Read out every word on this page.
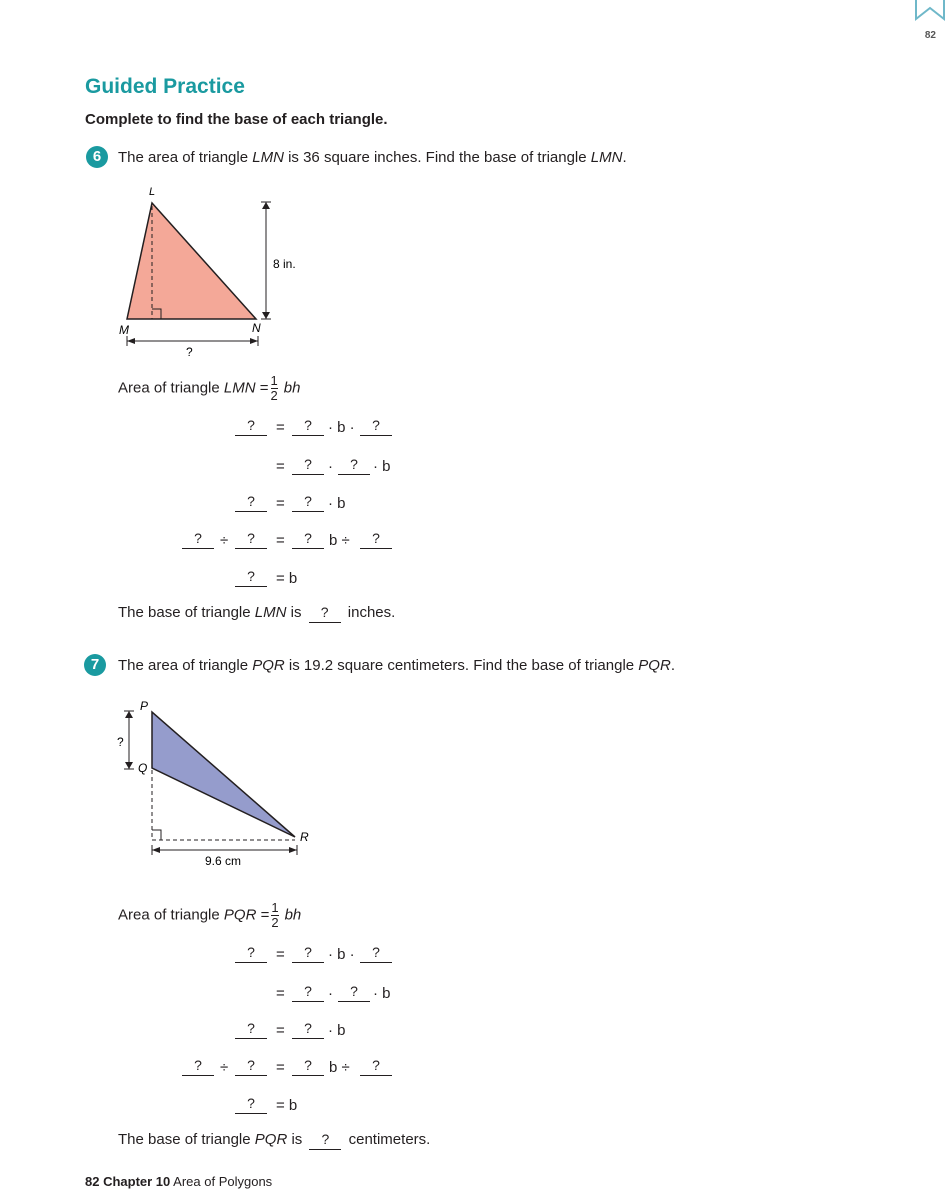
82
Guided Practice
Complete to find the base of each triangle.
6	The area of triangle LMN is 36 square inches. Find the base of triangle LMN.
L
M	N
8 in.
?
Area of triangle LMN = $\frac{1}{2}$ bh
?	=	?	· b ·	?
=	?	·	?	· b
?	=	?	· b
?	÷	?	=	?	b ÷	?
?	= b
The base of triangle LMN is ? inches.
7	The area of triangle PQR is 19.2 square centimeters. Find the base of triangle PQR.
P
Q
R
?
9.6 cm
Area of triangle PQR = $\frac{1}{2}$ bh
?	=	?	· b ·	?
=	?	·	?	· b
?	=	?	· b
?	÷	?	=	?	b ÷	?
?	= b
The base of triangle PQR is ? centimeters.
82 Chapter 10 Area of Polygons
